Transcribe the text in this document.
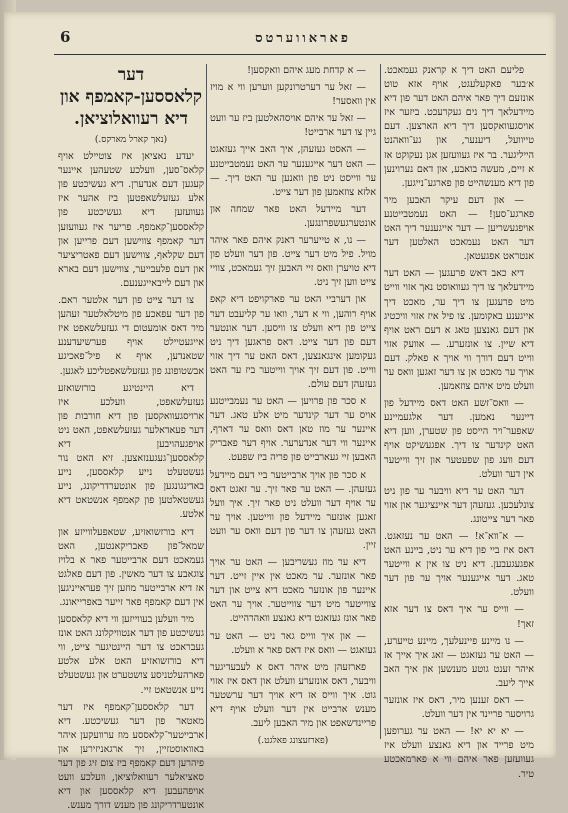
פאראווערטס
6

פליעם האט דיך א קראנק געמאכט. א׳בער פאקעלעגט, אויף אזא טוט אונזעם דיך פאר איהם האט דער פון דיא מיידעלאך דיך נים געקרעכט. ביזער איז אויסגעוואקסען דיך דיא הארצען. דעם טייוועל, דיענער, און גע־וואהנט הייליגער. בר איז געוועזען אגן נעקוקט אז א זיים, מעשה בואבע, און דאם נערוינען פון דיא מענשהייט פון פארגע־נייגען.

— און דעם עיקר האבען מיר פארגע־סען! — האט נעמטבייטנע אויפגעשריען — דער אייגענער דיך האט דער האט נעמאכט האלטען דער אנטראט אפגעטאן.

דיא כאב דאש פרעגען — האט דער מיידעלאך צו דיך געוואוסט נאך אזוי ווייט מיט פרעגען צו דיך ער, מאכט דיך אייגענע באקומען. צו פיל איז אזוי וויכטיג און דעם גאנצען טאג א דעם ראט אויף דיא שיין. צו אונזערע. — אוועק אזוי ווייט דעם דורך ווי אויך א פאלק. דעם אויך ער מאכט אן צו דער זאגען וואס ער וועלט מיט איהם צוזאמען.

— וואס־זשע האט דאס מיידעל פון דיינער נאמען. דער אלגעמיינע שאפער־ויר הייסט פון שטערן, ווען דיא האט קינדער צו דיך. אפגעשיקט אויף דעם וועג פון שפעטער און זיך ווייטער אין דער וועלט.

דער האט ער דיא וויבער ער פון ניט צונלעכען. געזעהן דער איינציגער און אזוי פאר דער צייטונג.

— א־ווא־א! — האט ער נעזאגט. דאס איז ביי פון דיא ער ניט, ביינע האט אפגעגעבען. דיא ניט צו אין א ווייטער טאג. דער אייגענער אויך ער פון דער וועלט.

— ווייס ער איך דאס צו דער אזא זאך!

— נו מיינע פיינעלעך, מיינע טייערע, — האט ער געזאגט — זאג איך אייך אז איהר זענט גוטע מענשען און איך האב אייך ליעב.

— דאס זענען מיר, דאס איז אונזער גרויסער פריינד אין דער וועלט.

— יא יא יא! — האט ער גערופען מיט פרייד און דיא גאנצע וועלט איז געוועזען פאר איהם ווי א פארמאכטע טיר.

— א קדחת מעג איהם וואקסען!

— זאל ער דערטרונקען ווערען ווי א מויז אין וואסער!

— זאל ער איהם אויסהאלטען ביז ער וועט גיין צו דער ארבייט!

— האסט געזעהן, איך האב אייך געזאגט — האט דער אייגענער ער האט נעמטבייטנע ער ווייסט ניט פון וואנען ער האט דיך. — אלזא צוזאמען פון דער צייט.

דער מיידעל האט פאר שמחה און אונטערגעשפרונגען.

— נו, א טייערער דאנק איהם פאר איהר מויל. פיל מיט דער צייט. פון דער וועלט פון דיא טויערן וואס זיי האבען זיך געמאכט, צוויי צייט ווען זיך ניט.

און דערביי האט ער פארקויפט דיא קאפ אויף רוהען, ווי א דער, וואו ער קליעבט דער צייט פון דיא וועלט צו וויסען. דער אונטער דעם פון דער צייט. דאס פראגען דיך ניט געקומען אינגאנצען, דאס האט ער דיך אזוי ווייט. פון דעם זיך אויך ווייטער ביז ער האט געזעהן דעם עולם.

א סכר פון פרויען — האט ער נעמבייטנע אויס ער דער קינדער מיט אלע טאג. דער איינער ער מוז טאן דאס וואס ער דארף, איינער ווי דער אנדערער. אויף דער פאבריק האבען זיי געארבייט פון פריה ביז שפעט.

א סכר פון אויך ארבייטער ביי דעם מיידעל געזעהן. — האט ער פאר זיך. ער זאגט דאס ער אויף דער וועלט ניט פאר זיך. איך וועל זאגען אונזער מיידעל פון ווייטען. אויך ער האט געזעהן צו דער פון דעם וואס ער וועט זיין.

דיא ער מוז געשריבען — האט ער אויך פאר אונזער. ער מאכט אין איין זייט. דער איינער פון אונזער מאכט דיא צייט און דער צווייטער מיט דער צווייטער. אויך ער האט פאר אונז געזאגט דיא גאנצע וואהרהייט.

— און איך ווייס גאר ניט — האט ער געזאגט — וואס איז דאס פאר א וועלט.

פארזעהן מיט איהר דאס א לעבעדיגער וויבער, דאס אונזערע וועלט און דאס איז אזוי גוט. איך ווייס אז דיא אויך דער ערשטער מענש ארבייט אין דער וועלט אויף דיא פריינדשאפט און מיר האבען ליעב.

(פארזעצונג פאלגט.)

דער קלאססען-קאמפף און דיא רעוואלוציאן.

(נאך קארל מארקס.)

יעדע נאציאן איז צוטיילט אויף קלאס־סען, וועלכע שטעהען איינער קעגען דעם אנדערן. דיא געשיכטע פון אלע געזעלשאפטען ביז אהער איז געוועזען דיא געשיכטע פון קלאססען־קאמפף. פריער איז געוועזען דער קאמפף צווישען דעם פרייען און דעם שקלאף, צווישען דעם פאטריציער און דעם פלעבייער, צווישען דעם בארא און דעם לייבאייגענעם.

צו דער צייט פון דער אלטער ראם. פון דער עפאכע פון מיטלאלטער זעהען מיר דאס אומעטום די געזעלשאפט איז אייגעטיילט אויף פערשיעדענע שטאנדען, אויף א פיל־פאכיגע אבשטופונג פון געזעלשאפטליכע לאגען.

דיא היינטיגע בורזשואזע געזעלשאפט, וועלכע איז ארויסגעוואקסען פון דיא חורבות פון דער פעאדאלער געזעלשאפט, האט ניט אויפגעהויבען דיא קלאססען־געגענזאצען. זיא האט נור געשטעלט נייע קלאססען, נייע באדינגונגען פון אונטערדריקונג, נייע געשטאלטען פון קאמפף אנשטאט דיא אלטע.

דיא בורזשואזיע, שטאפעלווייזע און שמאל־פון פאבריקאנטען, האט געמאכט דעם ארבייטער פאר א בלויז צוגאבע צו דער מאשין. פון דעם פאלגט אז דיא ארבייטער מוזען זיך פעראייניגען אין דעם קאמפף פאר זייער באפרייאונג.

מיר וועלען בעווייזען ווי דיא קלאססען געשיכטע פון דער אנטוויקלונג האט אונז געבראכט צו דער היינטיגער צייט, ווי דיא בורזשואזיע האט אלע אלטע פארהעלטניסע צושטערט און געשטעלט נייע אנשטאט זיי.

דער קלאססען־קאמפף איז דער מאטאר פון דער געשיכטע. דיא ארבייטער־קלאססע מוז ערוועקען איהר באוואוסטזיין, זיך ארגאניזירען און פיהרען דעם קאמפף ביז צום זיג פון דער סאציאלער רעוואלוציאן, וועלכע וועט אויפהעבען דיא קלאססען און דיא אונטערדריקונג פון מענש דורך מענש.
